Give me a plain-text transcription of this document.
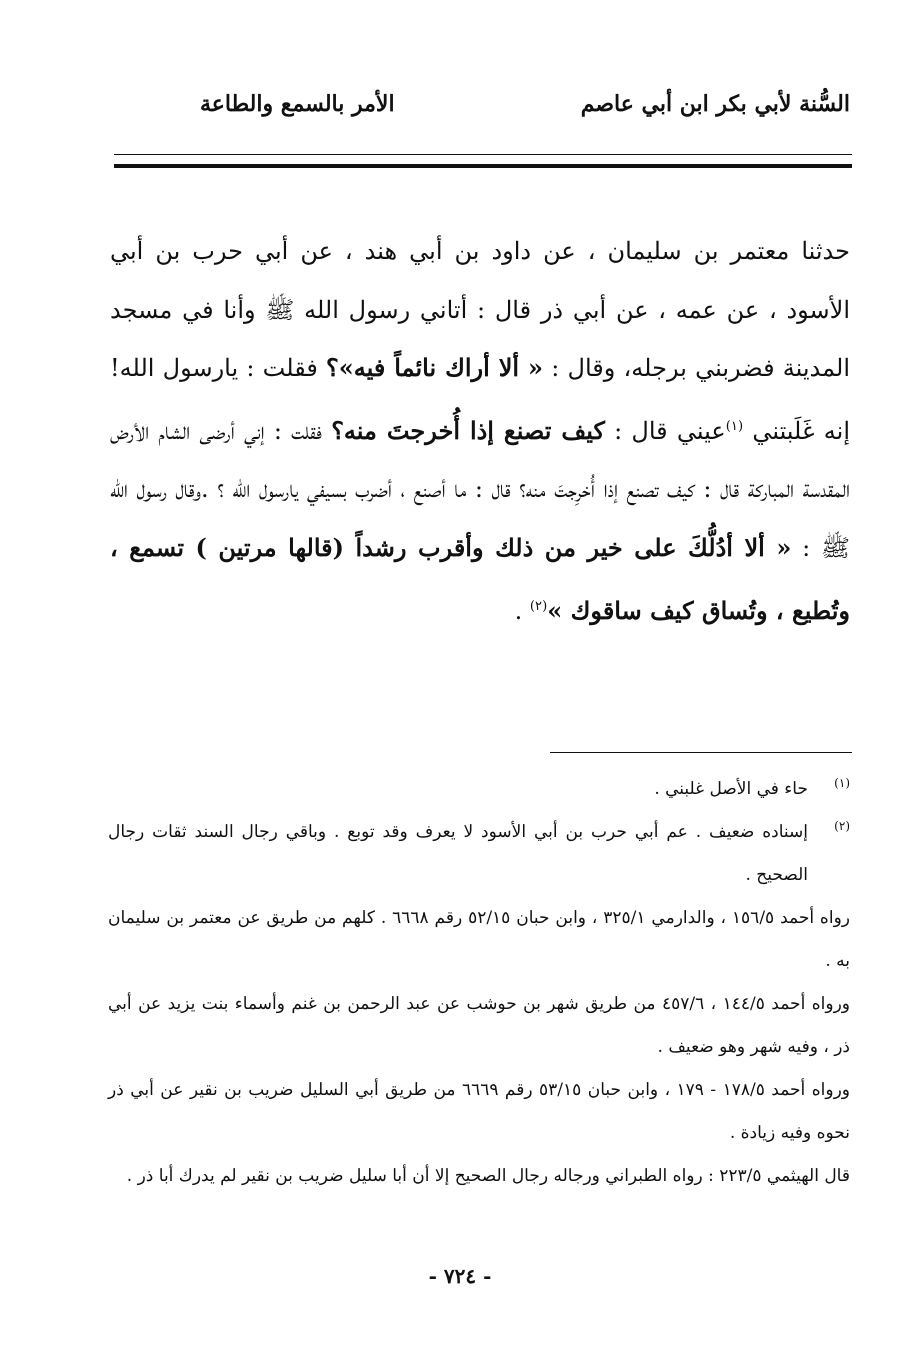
السُّنة لأبي بكر ابن أبي عاصم
الأمر بالسمع والطاعة

حدثنا معتمر بن سليمان ، عن داود بن أبي هند ، عن أبي حرب بن أبي الأسود ، عن عمه ، عن أبي ذر قال : أتاني رسول الله ﷺ وأنا في مسجد المدينة فضربني برجله، وقال : « ألا أراك نائماً فيه»؟ فقلت : يارسول الله! إنه غَلَبتني $^{(١)}$عيني قال : كيف تصنع إذا أُخرجتَ منه؟ فقلت : إني أرضى الشام الأرض المقدسة المباركة قال : كيف تصنع إذا أُخرِجتَ منه؟ قال : ما أصنع ، أضرب بسيفي يارسول الله ؟ .وقال رسول الله ﷺ : « ألا أدُلُّكَ على خير من ذلك وأقرب رشداً (قالها مرتين ) تسمع ، وتُطيع ، وتُساق كيف ساقوك »$^{(٢)}$ .

(١)
حاء في الأصل غلبني .
(٢)
إسناده ضعيف . عم أبي حرب بن أبي الأسود لا يعرف وقد توبع . وباقي رجال السند ثقات رجال الصحيح .
رواه أحمد ١٥٦/٥ ، والدارمي ٣٢٥/١ ، وابن حبان ٥٢/١٥ رقم ٦٦٦٨ . كلهم من طريق عن معتمر بن سليمان به .
ورواه أحمد ١٤٤/٥ ، ٤٥٧/٦ من طريق شهر بن حوشب عن عبد الرحمن بن غنم وأسماء بنت يزيد عن أبي ذر ، وفيه شهر وهو ضعيف .
ورواه أحمد ١٧٨/٥ - ١٧٩ ، وابن حبان ٥٣/١٥ رقم ٦٦٦٩ من طريق أبي السليل ضريب بن نقير عن أبي ذر نحوه وفيه زيادة .
قال الهيثمي ٢٢٣/٥ : رواه الطبراني ورجاله رجال الصحيح إلا أن أبا سليل ضريب بن نقير لم يدرك أبا ذر .
- ٧٢٤ -
